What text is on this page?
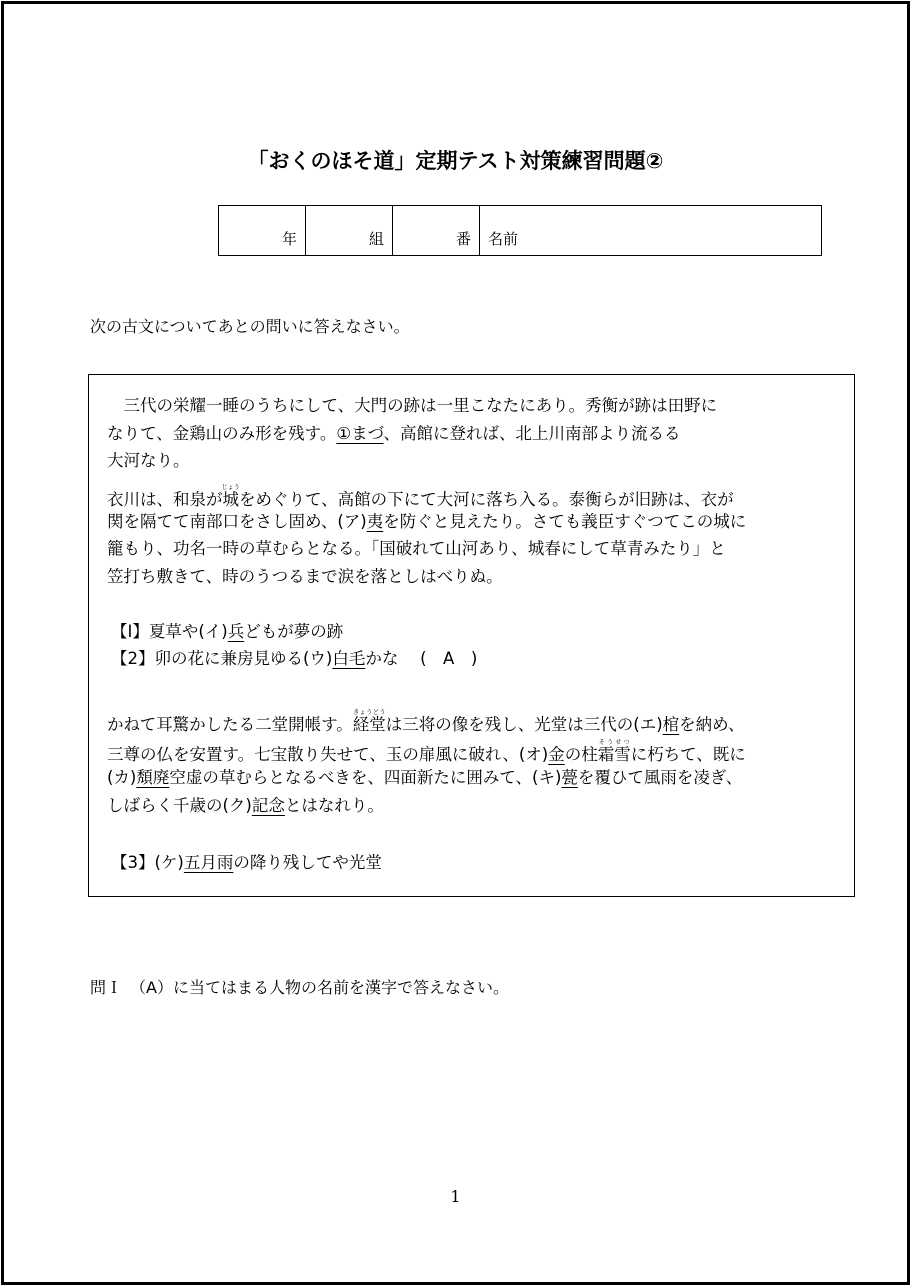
「おくのほそ道」定期テスト対策練習問題②
年	組	番	名前
次の古文についてあとの問いに答えなさい。
　三代の栄耀一睡のうちにして、大門の跡は一里こなたにあり。秀衡が跡は田野に
なりて、金鶏山のみ形を残す。①まづ、高館に登れば、北上川南部より流るる
大河なり。
衣川は、和泉が城じょうをめぐりて、高館の下にて大河に落ち入る。泰衡らが旧跡は、衣が
関を隔てて南部口をさし固め、(ア)夷を防ぐと見えたり。さても義臣すぐつてこの城に
籠もり、功名一時の草むらとなる。「国破れて山河あり、城春にして草青みたり」と
笠打ち敷きて、時のうつるまで涙を落としはべりぬ。
【I】夏草や(イ)兵どもが夢の跡
【2】卯の花に兼房見ゆる(ウ)白毛かな　 (　A　)
かねて耳驚かしたる二堂開帳す。経堂きょうどうは三将の像を残し、光堂は三代の(エ)棺を納め、
三尊の仏を安置す。七宝散り失せて、玉の扉風に破れ、(オ)金の柱霜雪そうせつに朽ちて、既に
(カ)頽廃空虚の草むらとなるべきを、四面新たに囲みて、(キ)甍を覆ひて風雨を凌ぎ、
しばらく千歳の(ク)記念とはなれり。
【3】(ケ)五月雨の降り残してや光堂
問Ｉ　（A）に当てはまる人物の名前を漢字で答えなさい。
1
